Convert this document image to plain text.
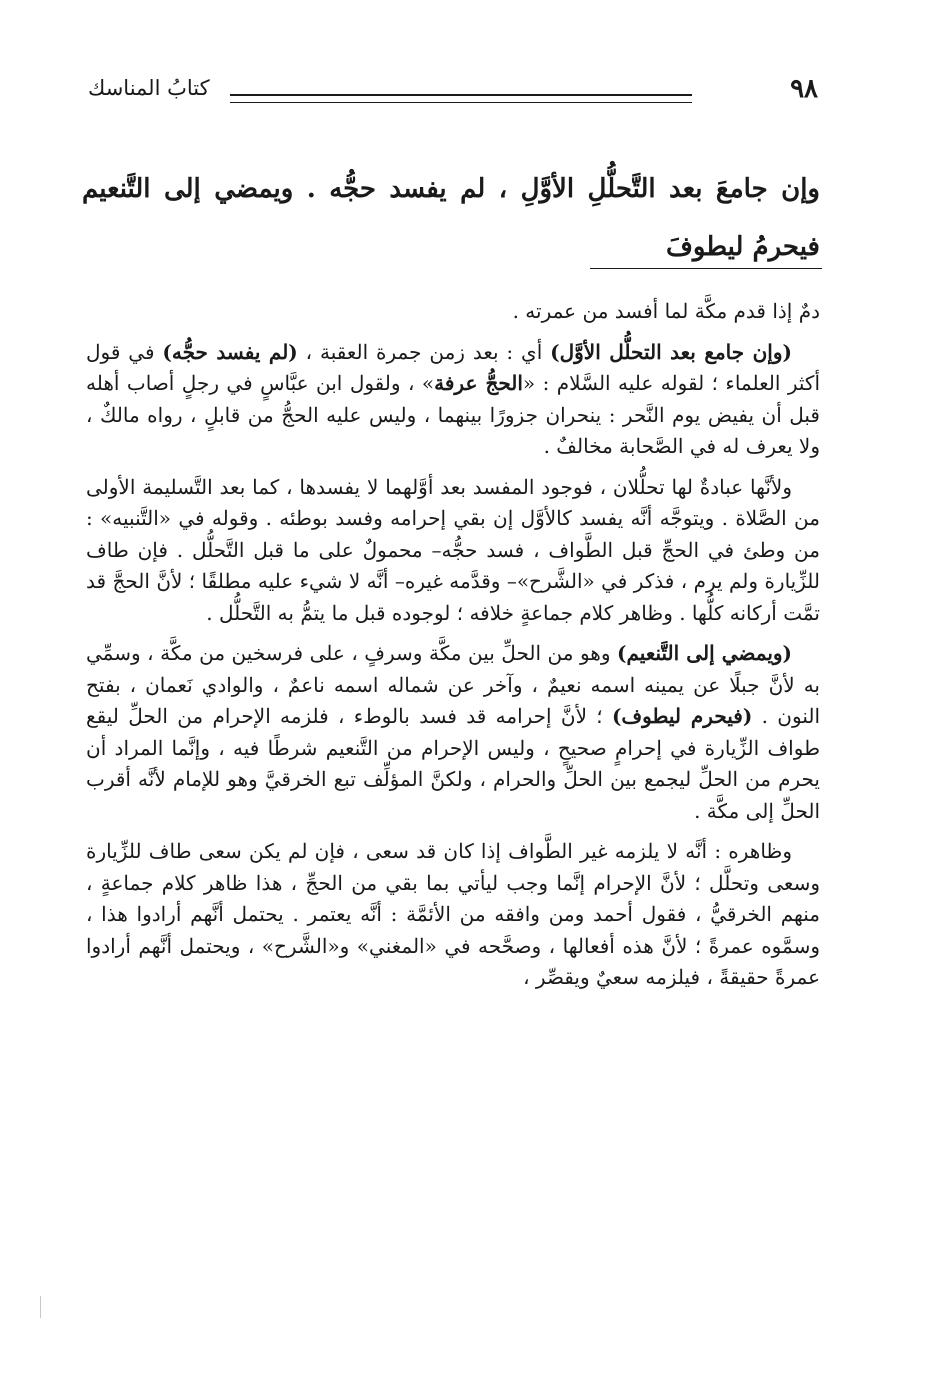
٩٨
كتابُ المناسك
وإن جامعَ بعد التَّحلُّلِ الأوَّلِ ، لم يفسد حجُّه . ويمضي إلى التَّنعيم فيحرمُ ليطوفَ

دمٌ إذا قدم مكَّة لما أفسد من عمرته .

(وإن جامع بعد التحلُّل الأوَّل) أي : بعد زمن جمرة العقبة ، (لم يفسد حجُّه) في قول أكثر العلماء ؛ لقوله عليه السَّلام : «الحجُّ عرفة» ، ولقول ابن عبَّاسٍ في رجلٍ أصاب أهله قبل أن يفيض يوم النَّحر : ينحران جزورًا بينهما ، وليس عليه الحجُّ من قابلٍ ، رواه مالكٌ ، ولا يعرف له في الصَّحابة مخالفٌ .

ولأنَّها عبادةٌ لها تحلُّلان ، فوجود المفسد بعد أوَّلهما لا يفسدها ، كما بعد التَّسليمة الأولى من الصَّلاة . ويتوجَّه أنَّه يفسد كالأوَّل إن بقي إحرامه وفسد بوطئه . وقوله في «التَّنبيه» : من وطئ في الحجِّ قبل الطَّواف ، فسد حجُّه– محمولٌ على ما قبل التَّحلُّل . فإن طاف للزِّيارة ولم يرم ، فذكر في «الشَّرح»– وقدَّمه غيره– أنَّه لا شيء عليه مطلقًا ؛ لأنَّ الحجَّ قد تمَّت أركانه كلُّها . وظاهر كلام جماعةٍ خلافه ؛ لوجوده قبل ما يتمُّ به التَّحلُّل .

(ويمضي إلى التَّنعيم) وهو من الحلِّ بين مكَّة وسرفٍ ، على فرسخين من مكَّة ، وسمِّي به لأنَّ جبلًا عن يمينه اسمه نعيمٌ ، وآخر عن شماله اسمه ناعمٌ ، والوادي نَعمان ، بفتح النون . (فيحرم ليطوف) ؛ لأنَّ إحرامه قد فسد بالوطء ، فلزمه الإحرام من الحلِّ ليقع طواف الزِّيارة في إحرامٍ صحيحٍ ، وليس الإحرام من التَّنعيم شرطًا فيه ، وإنَّما المراد أن يحرم من الحلِّ ليجمع بين الحلِّ والحرام ، ولكنَّ المؤلِّف تبع الخرقيَّ وهو للإمام لأنَّه أقرب الحلِّ إلى مكَّة .

وظاهره : أنَّه لا يلزمه غير الطَّواف إذا كان قد سعى ، فإن لم يكن سعى طاف للزِّيارة وسعى وتحلَّل ؛ لأنَّ الإحرام إنَّما وجب ليأتي بما بقي من الحجِّ ، هذا ظاهر كلام جماعةٍ ، منهم الخرقيُّ ، فقول أحمد ومن وافقه من الأئمَّة : أنَّه يعتمر . يحتمل أنَّهم أرادوا هذا ، وسمَّوه عمرةً ؛ لأنَّ هذه أفعالها ، وصحَّحه في «المغني» و«الشَّرح» ، ويحتمل أنَّهم أرادوا عمرةً حقيقةً ، فيلزمه سعيٌ ويقصِّر ،
